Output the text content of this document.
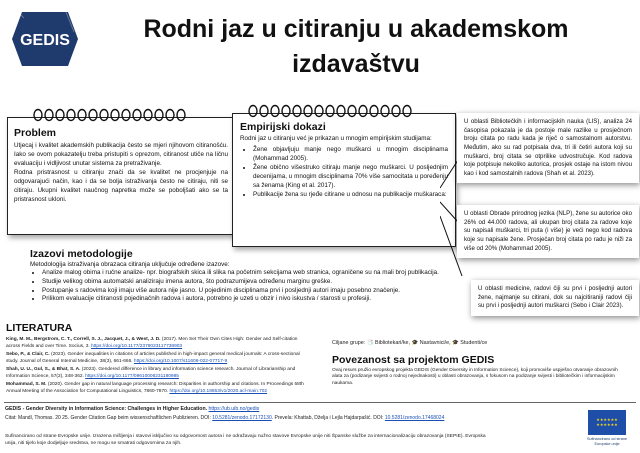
GEDIS	Rodni jaz u citiranju u akademskom izdavaštvu
Problem

Utjecaj i kvalitet akademskih publikacija često se mjeri njihovom citiranošću. Iako se ovom pokazatelju treba pristupiti s oprezom, citiranost utiče na ličnu evaluaciju i vidljivost unutar sistema za pretraživanje.

Rodna pristrasnost u citiranju znači da se kvalitet ne procjenjuje na odgovarajući način, kao i da se bolja istraživanja često ne citiraju, niti se citiraju. Ukupni kvalitet naučnog napretka može se poboljšati ako se ta pristrasnost ukloni.

Empirijski dokazi

Rodni jaz u citiranju već je prikazan u mnogim empirijskim studijama:

• Žene objavljuju manje nego muškarci u mnogim disciplinama (Mohammad 2005).
• Žene obično višestruko citiraju manje nego muškarci. U posljednjim decenijama, u mnogim disciplinama 70% više samocitata u poređenju sa ženama (King et al. 2017).
• Publikacije žena su rjeđe citirane u odnosu na publikacije muškaraca:
U oblasti Bibliotečkih i informacijskih nauka (LIS), analiza 24 časopisa pokazala je da postoje male razlike u prosječnom broju citata po radu kada je riječ o samostalnom autorstvu. Međutim, ako su rad potpisala dva, tri ili četiri autora koji su muškarci, broj citata se otprilike udvostručuje. Kod radova koje potpisuje nekoliko autorica, prosjek ostaje na istom nivou kao i kod samostalnih radova (Shah et al. 2023).
U oblasti Obrade prirodnog jezika (NLP), žene su autorice oko 26% od 44.000 radova, ali ukupan broj citata za radove koje su napisali muškarci, tri puta (i više) je veći nego kod radova koje su napisale žene. Prosječan broj citata po radu je niži za više od 20% (Mohammad 2005).
U oblasti medicine, radovi čiji su prvi i posljednji autori žene, najmanje su citirani, dok su najcitiraniji radovi čiji su prvi i posljednji autori muškarci (Sebo i Clair 2023).
Izazovi metodologije
Metodologija istraživanja obrazaca citiranja uključuje određene izazove:
• Analize malog obima i ručne analize- npr. biografskih skica ili slika na početnim sekcijama web stranica, ograničene su na mali broj publikacija.
• Studije velikog obima automatski analiziraju imena autora, što podrazumijeva određenu marginu greške.
• Postupanje s radovima koji imaju više autora nije jasno. U pojedinim disciplinama prvi i posljednji autori imaju posebno značenje.
• Prilikom evaluacije citiranosti pojedinačnih radova i autora, potrebno je uzeti u obzir i nivo iskustva / starosti u profesiji.
LITERATURA

King, M. M., Bergstrom, C. T., Correll, S. J., Jacquet, J., & West, J. D. (2017). Men Set Their Own Cites High: Gender and Self-citation across Fields and over Time. Socius, 3. https://doi.org/10.1177/2378023117738903

Sebo, P., & Clair, C. (2023). Gender inequalities in citations of articles published in high-impact general medical journals: A cross-sectional study. Journal of General Internal Medicine, 38(3), 661-666. https://doi.org/10.1007/s11606-022-07717-9

Shah, U. U., Gul, S., & Bhat, S. A. (2023). Gendered difference in library and information science research. Journal of Librarianship and Information Science, 57(2), 348-362. https://doi.org/10.1177/09610006231180985

Mohammad, S. M. (2020). Gender gap in natural language processing research: Disparities in authorship and citations. In Proceedings 58th Annual Meeting of the Association for Computational Linguistics, 7860-7870. https://doi.org/10.18653/v1/2020.acl-main.702

Ciljane grupe: 📑 Bibliotekari/ke, 🎓 Nastavnici/e, 🎓 Studenti/ce
Povezanost sa projektom GEDIS
Ovaj resurs pružio evropskog projekta GEDIS (Gender Diversity in Information Science), koji promoviše uspješno otvaranje obrazovnih alata za (podizanje svijesti o rodnoj nejednakosti) u oblasti obrazovanja, s fokusom na podizanje svijesti i bibliotečkim i informacijskim naukama.
GEDIS - Gender Diversity in Information Science: Challenges in Higher Education. https://ub.uib.no/gedis
Citat: Mandl, Thomas. 20 25. Gender Citation Gap beim wissenschaftlichen Publizieren. DOI: 10.5281/zenodo.17172130. Prevela: Khattab, Dželja i Lejla Hajdarpašić. DOI: 10.5281/zenodo.17468024
Sufinancirano od strane Evropske unije. Izrazena mišljenja i stavovi isključivo su odgovornost autora i ne odražavaju nužno stavove Evropske unije niti Španske službe za internacionalizaciju obrazovanja (SEPIE). Evropska unija, niti tijelo koje dodjeljuje sredstva, ne mogu se smatrati odgovornima za njih.
★★★★★★★★★★★★
Sufinancirano od strane Europske unije
